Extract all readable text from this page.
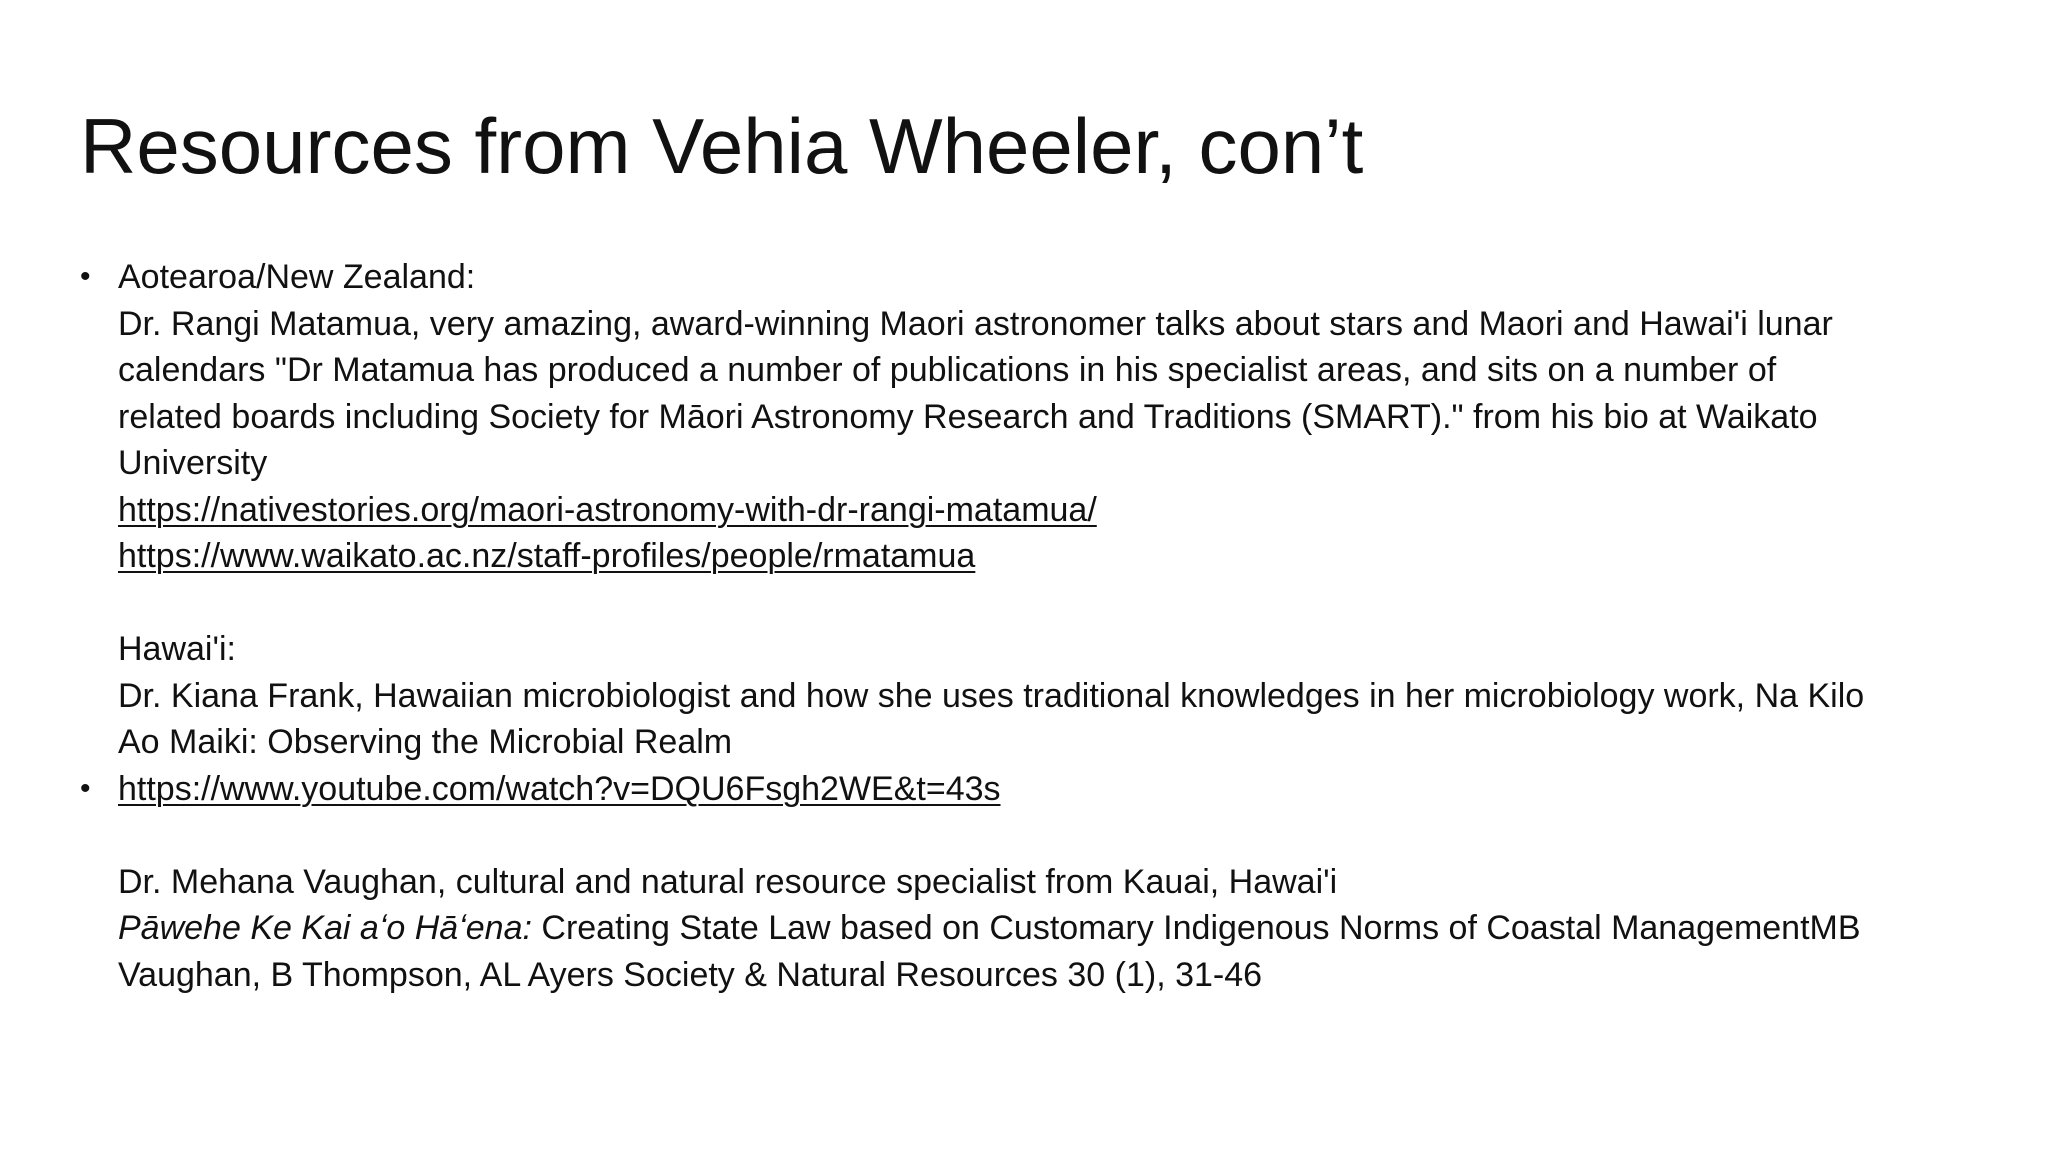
Resources from Vehia Wheeler, con’t
• Aotearoa/New Zealand:
Dr. Rangi Matamua, very amazing, award-winning Maori astronomer talks about stars and Maori and Hawai'i lunar
calendars "Dr Matamua has produced a number of publications in his specialist areas, and sits on a number of
related boards including Society for Māori Astronomy Research and Traditions (SMART)." from his bio at Waikato
University
https://nativestories.org/maori-astronomy-with-dr-rangi-matamua/
https://www.waikato.ac.nz/staff-profiles/people/rmatamua
Hawai'i:
Dr. Kiana Frank, Hawaiian microbiologist and how she uses traditional knowledges in her microbiology work, Na Kilo
Ao Maiki: Observing the Microbial Realm
• https://www.youtube.com/watch?v=DQU6Fsgh2WE&t=43s
Dr. Mehana Vaughan, cultural and natural resource specialist from Kauai, Hawai'i
Pāwehe Ke Kai aʻo Hāʻena: Creating State Law based on Customary Indigenous Norms of Coastal ManagementMB
Vaughan, B Thompson, AL Ayers Society & Natural Resources 30 (1), 31-46
